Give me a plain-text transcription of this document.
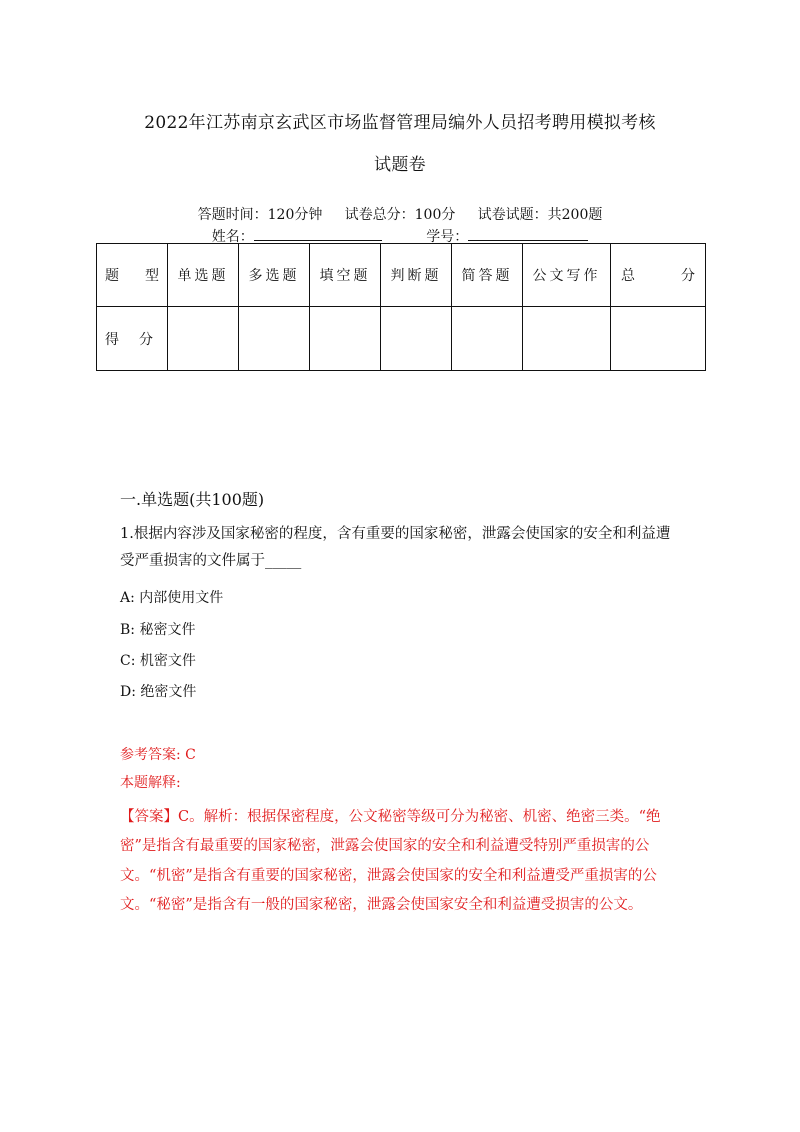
2022年江苏南京玄武区市场监督管理局编外人员招考聘用模拟考核
试题卷
答题时间：120分钟 试卷总分：100分 试卷试题：共200题
姓名：	学号：
题 型	单选题	多选题	填空题	判断题	简答题	公文写作	总 分

得 分							

一.单选题(共100题)
1.根据内容涉及国家秘密的程度，含有重要的国家秘密，泄露会使国家的安全和利益遭受严重损害的文件属于_____
A: 内部使用文件
B: 秘密文件
C: 机密文件
D: 绝密文件
参考答案: C
本题解释:
【答案】C。解析：根据保密程度，公文秘密等级可分为秘密、机密、绝密三类。“绝密”是指含有最重要的国家秘密，泄露会使国家的安全和利益遭受特别严重损害的公文。“机密”是指含有重要的国家秘密，泄露会使国家的安全和利益遭受严重损害的公文。“秘密”是指含有一般的国家秘密，泄露会使国家安全和利益遭受损害的公文。
